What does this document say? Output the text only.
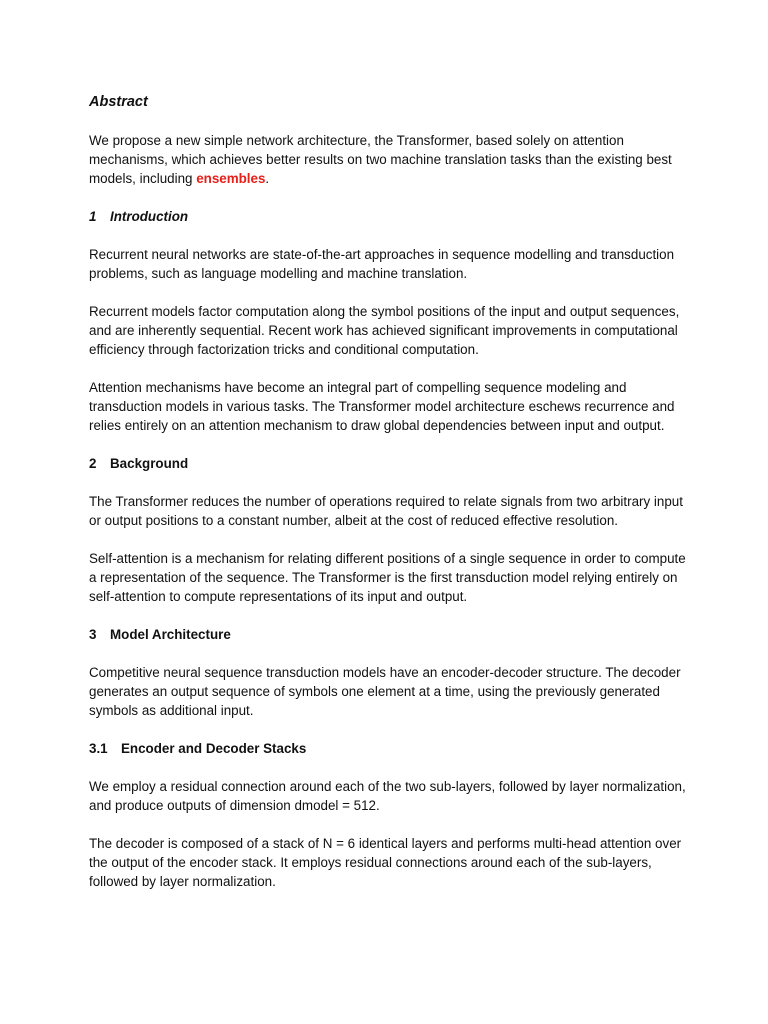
Abstract

We propose a new simple network architecture, the Transformer, based solely on attention mechanisms, which achieves better results on two machine translation tasks than the existing best models, including ensembles.

1 Introduction

Recurrent neural networks are state-of-the-art approaches in sequence modelling and transduction problems, such as language modelling and machine translation.

Recurrent models factor computation along the symbol positions of the input and output sequences, and are inherently sequential. Recent work has achieved significant improvements in computational efficiency through factorization tricks and conditional computation.

Attention mechanisms have become an integral part of compelling sequence modeling and transduction models in various tasks. The Transformer model architecture eschews recurrence and relies entirely on an attention mechanism to draw global dependencies between input and output.

2 Background

The Transformer reduces the number of operations required to relate signals from two arbitrary input or output positions to a constant number, albeit at the cost of reduced effective resolution.

Self-attention is a mechanism for relating different positions of a single sequence in order to compute a representation of the sequence. The Transformer is the first transduction model relying entirely on self-attention to compute representations of its input and output.

3 Model Architecture

Competitive neural sequence transduction models have an encoder-decoder structure. The decoder generates an output sequence of symbols one element at a time, using the previously generated symbols as additional input.

3.1 Encoder and Decoder Stacks

We employ a residual connection around each of the two sub-layers, followed by layer normalization, and produce outputs of dimension dmodel = 512.

The decoder is composed of a stack of N = 6 identical layers and performs multi-head attention over the output of the encoder stack. It employs residual connections around each of the sub-layers, followed by layer normalization.
